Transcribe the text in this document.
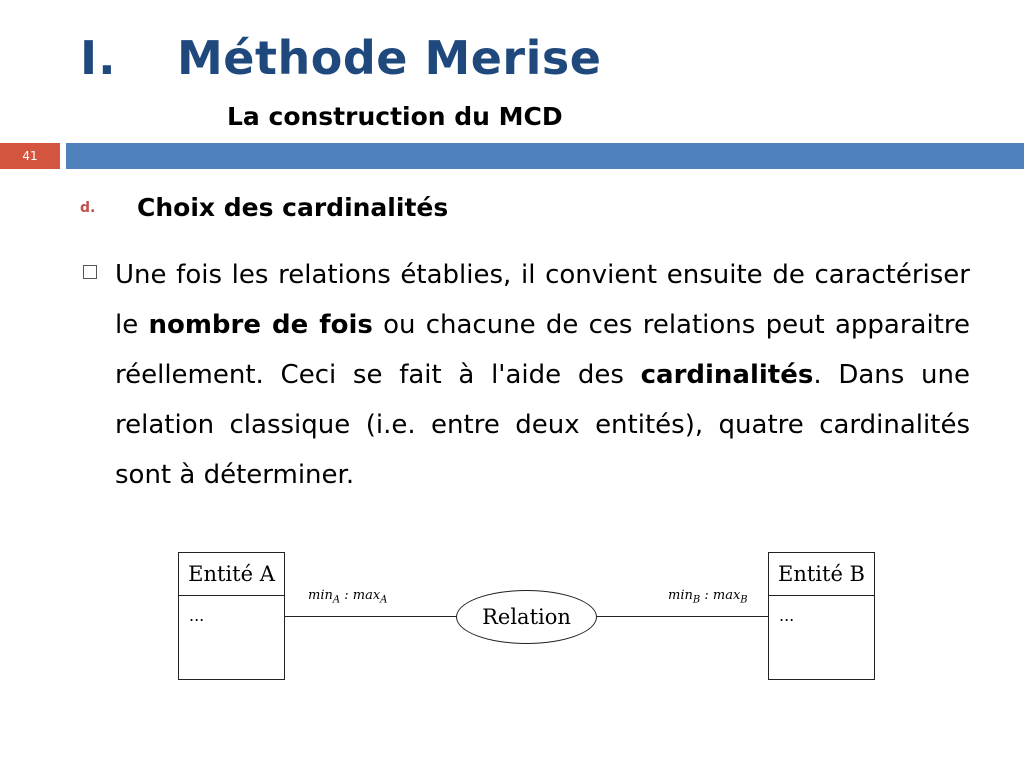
I.	Méthode Merise
La construction du MCD
41
d.	Choix des cardinalités

Une fois les relations établies, il convient ensuite de caractériser le nombre de fois ou chacune de ces relations peut apparaitre réellement. Ceci se fait à l'aide des cardinalités. Dans une relation classique (i.e. entre deux entités), quatre cardinalités sont à déterminer.

Entité A
...
$\min_A$ : $\max_A$
Relation
$\min_B$ : $\max_B$
Entité B
...
